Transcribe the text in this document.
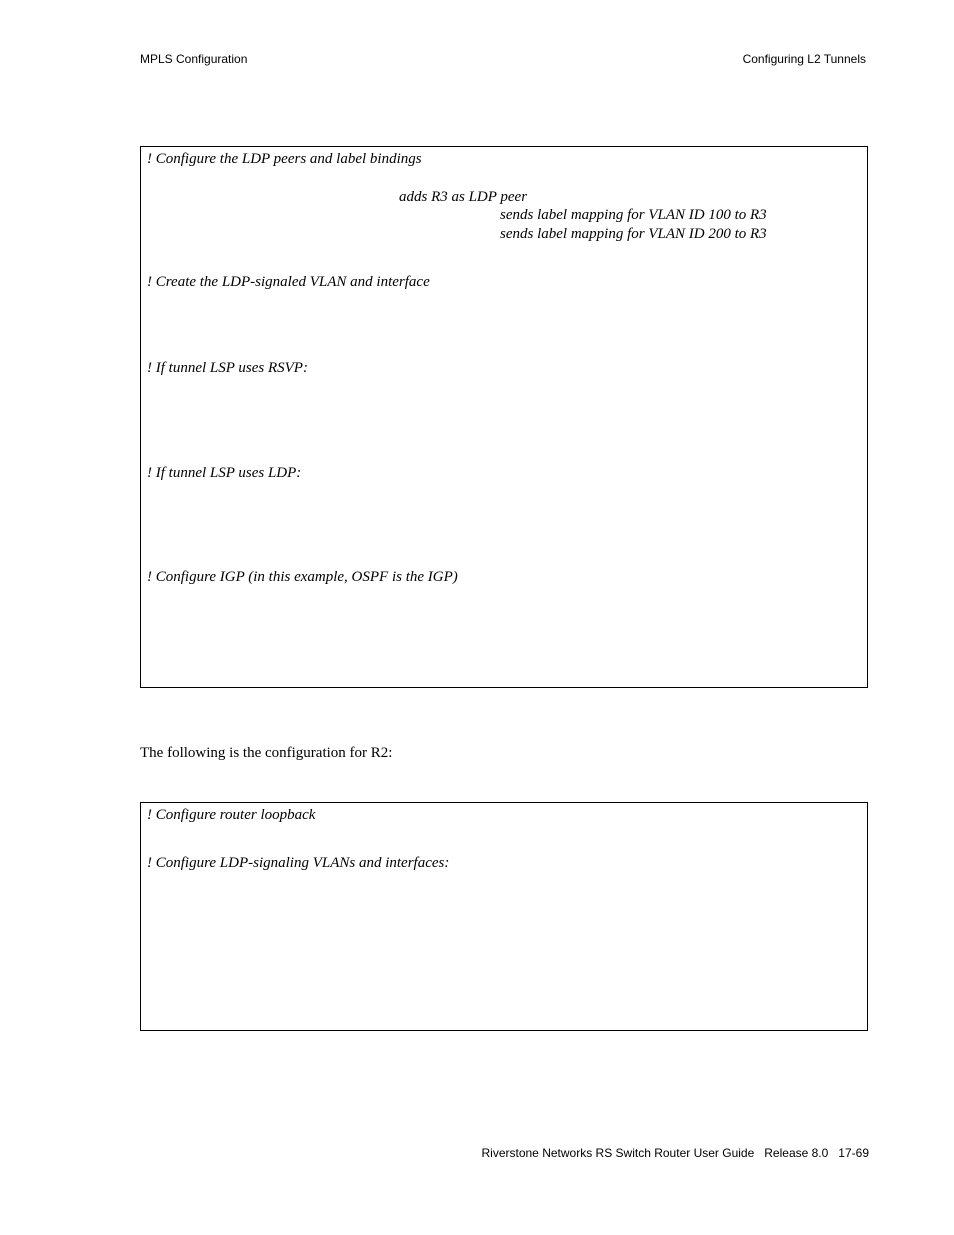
MPLS Configuration	Configuring L2 Tunnels
! Configure the LDP peers and label bindings
adds R3 as LDP peer
sends label mapping for VLAN ID 100 to R3
sends label mapping for VLAN ID 200 to R3
! Create the LDP-signaled VLAN and interface
! If tunnel LSP uses RSVP:
! If tunnel LSP uses LDP:
! Configure IGP (in this example, OSPF is the IGP)
The following is the configuration for R2:
! Configure router loopback
! Configure LDP-signaling VLANs and interfaces:
Riverstone Networks RS Switch Router User Guide   Release 8.0   17-69
